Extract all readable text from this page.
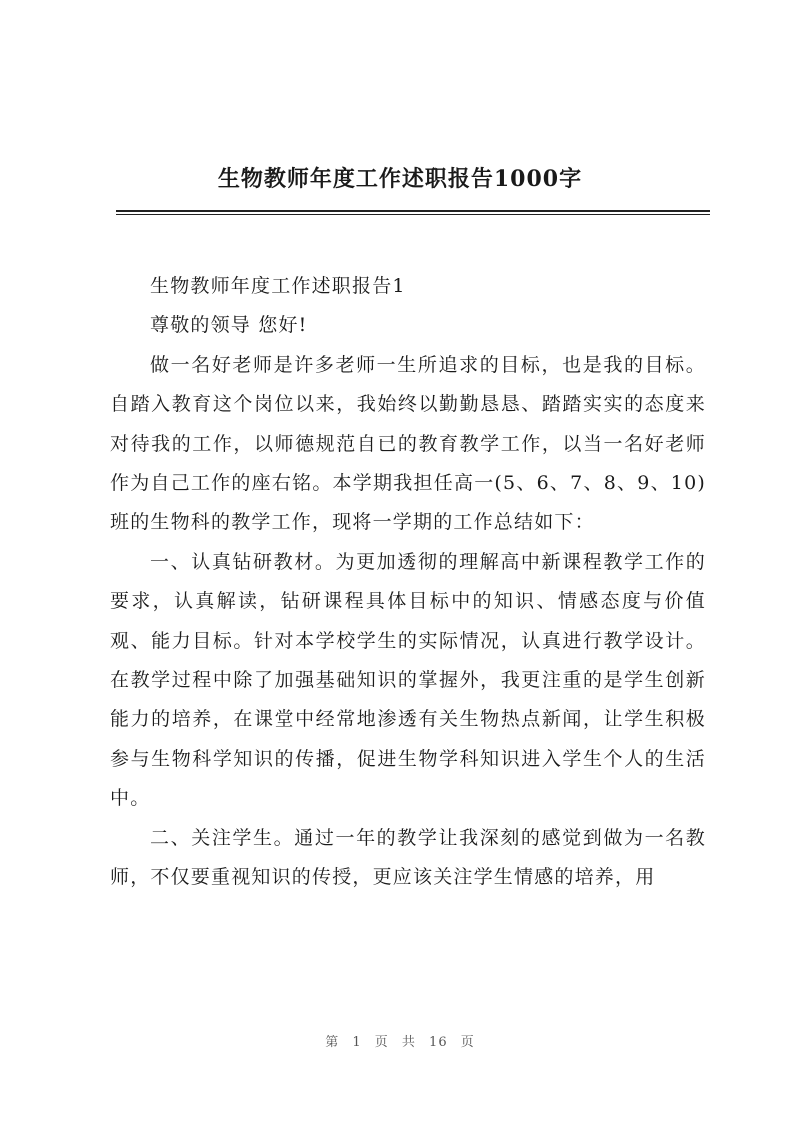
生物教师年度工作述职报告1000字

生物教师年度工作述职报告1

尊敬的领导 您好!

做一名好老师是许多老师一生所追求的目标，也是我的目标。自踏入教育这个岗位以来，我始终以勤勤恳恳、踏踏实实的态度来对待我的工作，以师德规范自已的教育教学工作，以当一名好老师作为自己工作的座右铭。本学期我担任高一(5、6、7、8、9、10)班的生物科的教学工作，现将一学期的工作总结如下：

一、认真钻研教材。为更加透彻的理解高中新课程教学工作的要求，认真解读，钻研课程具体目标中的知识、情感态度与价值观、能力目标。针对本学校学生的实际情况，认真进行教学设计。在教学过程中除了加强基础知识的掌握外，我更注重的是学生创新能力的培养，在课堂中经常地渗透有关生物热点新闻，让学生积极参与生物科学知识的传播，促进生物学科知识进入学生个人的生活中。

二、关注学生。通过一年的教学让我深刻的感觉到做为一名教师，不仅要重视知识的传授，更应该关注学生情感的培养，用

第 1 页 共 16 页
